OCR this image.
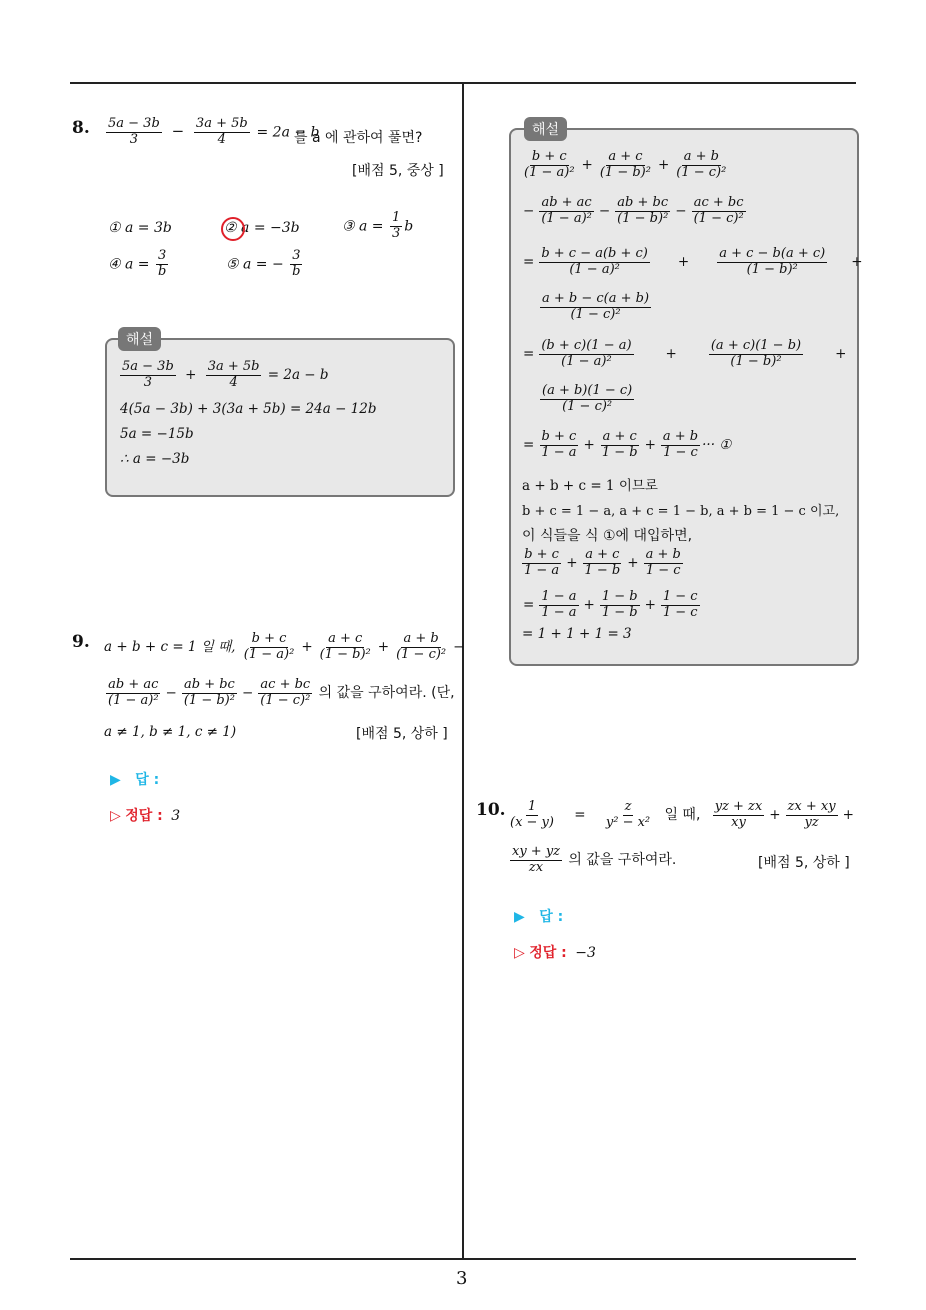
3
8. $\frac{5a - 3b}{3} - \frac{3a + 5b}{4} = 2a - b$
를 a 에 관하여 풀면?
[배점 5, 중상 ]
① a = 3b	② a = −3b	③ $a = \frac{1}{3}$ b
④ $a = \frac{3}{b}$	⑤ a = − $\frac{3}{b}$
해설
$\frac{5a - 3b}{3} + \frac{3a + 5b}{4} = 2a - b$
4(5a − 3b) + 3(3a + 5b) = 24a − 12b
5a = −15b
∴ a = −3b
9. a + b + c = 1 일 때, $\frac{b + c}{\text{(1 − a)²}} + \frac{a + c}{\text{(1 − b)²}} + \frac{a + b}{\text{(1 − c)²}}$ −
$\frac{ab + ac}{\text{(1 − a)²}} - \frac{ab + bc}{\text{(1 − b)²}} - \frac{ac + bc}{\text{(1 − c)²}}$ 의 값을 구하여라. (단,
a ≠ 1, b ≠ 1, c ≠ 1)	[배점 5, 상하 ]
▶ 답 :
▷ 정답 : 3
해설
$\frac{b + c}{\text{(1 − a)²}} + \frac{a + c}{\text{(1 − b)²}} + \frac{a + b}{\text{(1 − c)²}}$
− $\frac{ab + ac}{\text{(1 − a)²}} - \frac{ab + bc}{\text{(1 − b)²}} - \frac{ac + bc}{\text{(1 − c)²}}$
= $\frac{b + c - a(b + c)}{\text{(1 − a)²}} + \frac{a + c - b(a + c)}{\text{(1 − b)²}}$ +
$\frac{a + b - c(a + b)}{\text{(1 − c)²}}$
= $\frac{(b + c)(1 - a)}{\text{(1 − a)²}} + \frac{(a + c)(1 - b)}{\text{(1 − b)²}}$ +
$\frac{(a + b)(1 - c)}{\text{(1 − c)²}}$
= $\frac{b + c}{1 - a} + \frac{a + c}{1 - b} + \frac{a + b}{1 - c}$ ··· ①
a + b + c = 1 이므로
b + c = 1 − a, a + c = 1 − b, a + b = 1 − c 이고,
이 식들을 식 ①에 대입하면,
$\frac{b + c}{1 - a} + \frac{a + c}{1 - b} + \frac{a + b}{1 - c}$
= $\frac{1 - a}{1 - a} + \frac{1 - b}{1 - b} + \frac{1 - c}{1 - c}$
= 1 + 1 + 1 = 3
10. $\frac{1}{(x - y)} = \frac{z}{\text{y² − x²}}$ 일 때, $\frac{yz + zx}{xy} + \frac{zx + xy}{yz}$ +
$\frac{xy + yz}{zx}$ 의 값을 구하여라.	[배점 5, 상하 ]
▶ 답 :
▷ 정답 : −3
